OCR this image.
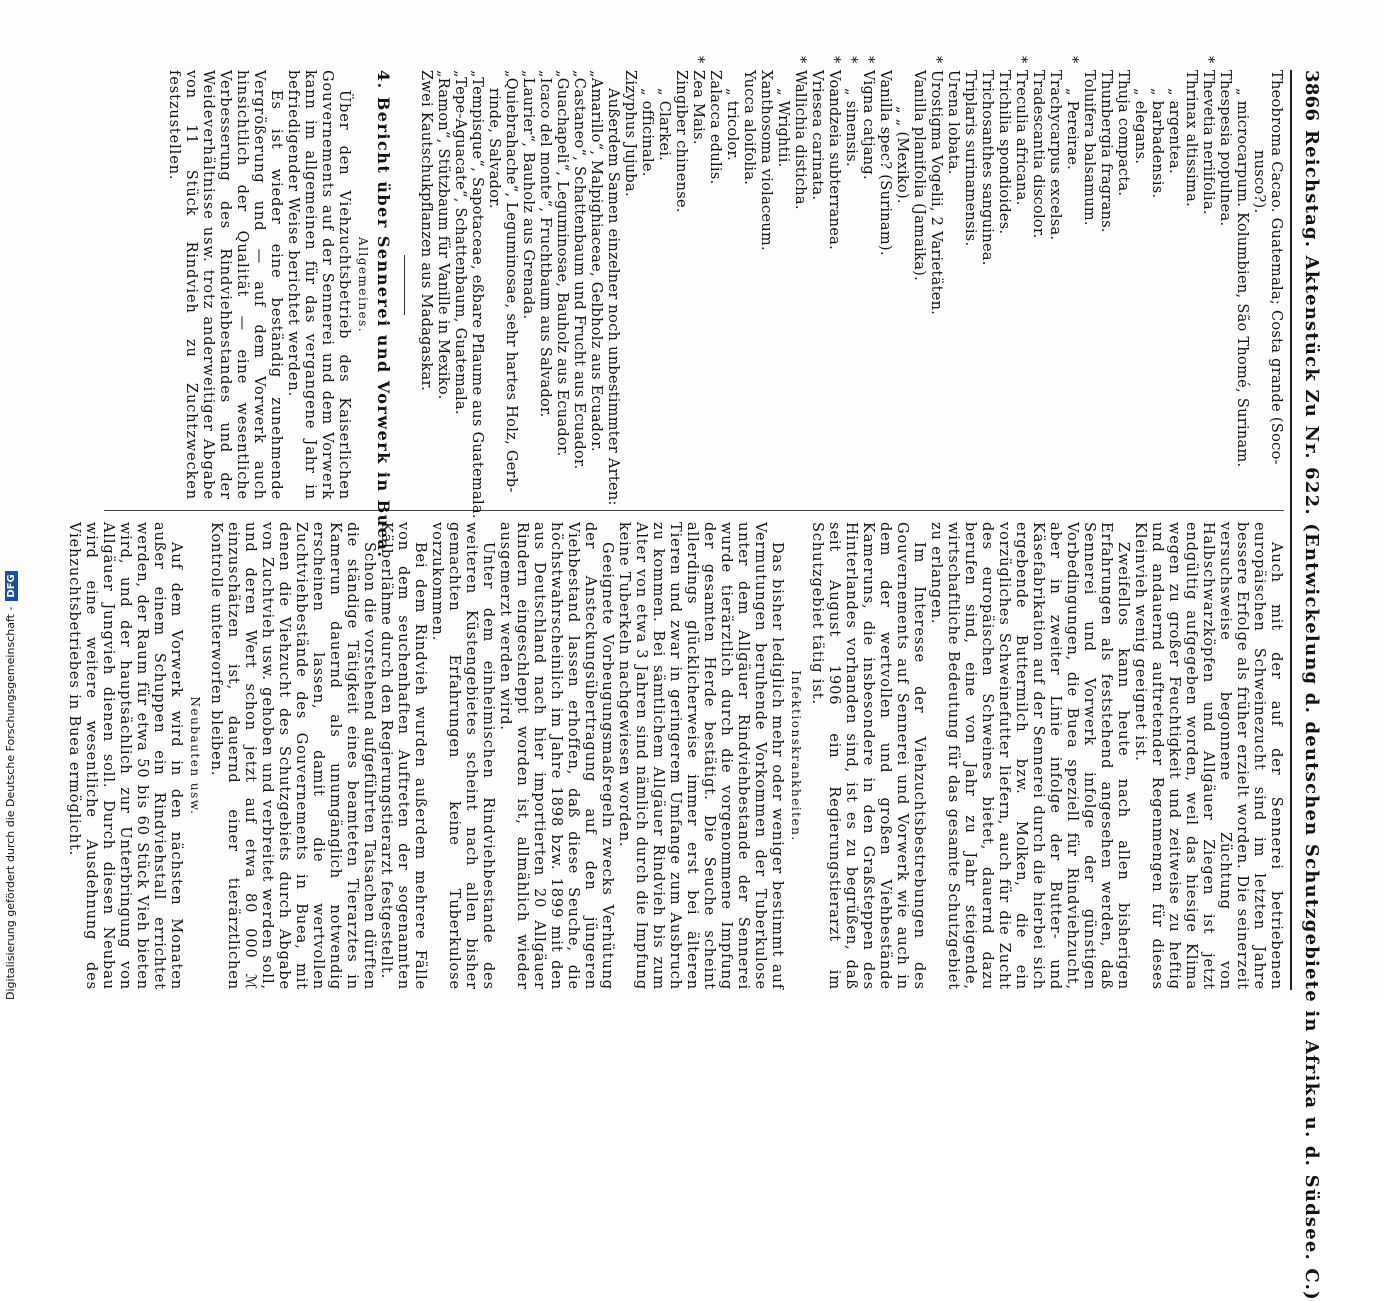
3866
Reichstag. Aktenstück Zu Nr. 622. (Entwickelung d. deutschen Schutzgebiete in Afrika u. d. Südsee. C.)
Theobroma Cacao. Guatemala; Costa grande (Soco-
nusco?).
„ microcarpum. Kolumbien, São Thomé, Surinam.
Thespesia populnea.
*
Thevetia neriifolia.
Thrinax altissima.
„ argentea.
„ barbadensis.
„ elegans.
Thuja compacta.
Thunbergia fragrans.
Toluifera balsamum.
*
„ Pereirae.
Trachycarpus excelsa.
Tradescantia discolor.
*
Treculia africana.
Trichilia spondioides.
Trichosanthes sanguinea.
Triplaris surinamensis.
Urena lobata.
*
Urostigma Vogelii, 2 Varietäten.
Vanilla planifolia (Jamaika).
„ „ (Mexiko).
Vanilla spec? (Surinam).
*
Vigna catjang.
*
„ sinensis.
*
Voandzeia subterranea.
Vriesea carinata.
*
Wallichia disticha.
„ Wrightii.
Xanthosoma violaceum.
Yucca aloifolia.
„ tricolor.
Zalacca edulis.
*
Zea Mais.
Zingiber chinense.
„ Clarkei.
„ officinale.
Zizyphus Jujuba.
Außerdem Samen einzelner noch unbestimmter Arten:
„Amarillo“, Malpighiaceae, Gelbholz aus Ecuador.
„Castaneo“, Schattenbaum und Frucht aus Ecuador.
„Guachapeli“, Leguminosae, Bauholz aus Ecuador.
„Icaco del monte“, Fruchtbaum aus Salvador.
„Laurier“, Bauholz aus Grenada.
„Quiebrahache“, Leguminosae, sehr hartes Holz, Gerb-
rinde, Salvador.
„Tempisque“, Sapotaceae, eßbare Pflaume aus Guatemala.
„Tepe-Aguacate“, Schattenbaum, Guatemala.
„Ramon“, Stützbaum für Vanille in Mexiko.
Zwei Kautschukpflanzen aus Madagaskar.
4. Bericht über Sennerei und Vorwerk in Buea.
Allgemeines.

Über den Viehzuchtsbetrieb des Kaiserlichen Gouvernements auf der Sennerei und dem Vorwerk kann im allgemeinen für das vergangene Jahr in befriedigender Weise berichtet werden.

Es ist wieder eine beständig zunehmende Vergrößerung und — auf dem Vorwerk auch hinsichtlich der Qualität — eine wesentliche Verbesserung des Rindviehbestandes und der Weideverhältnisse usw. trotz anderweitiger Abgabe von 11 Stück Rindvieh zu Zuchtzwecken festzustellen.

Auch mit der auf der Sennerei betriebenen europäischen Schweinezucht sind im letzten Jahre bessere Erfolge als früher erzielt worden. Die seinerzeit versuchsweise begonnene Züchtung von Halbschwarzköpfen und Allgäuer Ziegen ist jetzt endgültig aufgegeben worden, weil das hiesige Klima wegen zu großer Feuchtigkeit und zeitweise zu heftig und andauernd auftretender Regenmengen für dieses Kleinvieh wenig geeignet ist.

Zweifellos kann heute nach allen bisherigen Erfahrungen als feststehend angesehen werden, daß Sennerei und Vorwerk infolge der günstigen Vorbedingungen, die Buea speziell für Rindviehzucht, aber in zweiter Linie infolge der Butter- und Käsefabrikation auf der Sennerei durch die hierbei sich ergebende Buttermilch bzw. Molken, die ein vorzügliches Schweinefutter liefern, auch für die Zucht des europäischen Schweines bietet, dauernd dazu berufen sind, eine von Jahr zu Jahr steigende, wirtschaftliche Bedeutung für das gesamte Schutzgebiet zu erlangen.

Im Interesse der Viehzuchtsbestrebungen des Gouvernements auf Sennerei und Vorwerk wie auch in dem der wertvollen und großen Viehbestände Kameruns, die insbesondere in den Graßsteppen des Hinterlandes vorhanden sind, ist es zu begrüßen, daß seit August 1906 ein Regierungstierarzt im Schutzgebiet tätig ist.

Infektionskrankheiten.

Das bisher lediglich mehr oder weniger bestimmt auf Vermutungen beruhende Vorkommen der Tuberkulose unter dem Allgäuer Rindviehbestande der Sennerei wurde tierärztlich durch die vorgenommene Impfung der gesamten Herde bestätigt. Die Seuche scheint allerdings glücklicherweise immer erst bei älteren Tieren und zwar in geringerem Umfange zum Ausbruch zu kommen. Bei sämtlichem Allgäuer Rindvieh bis zum Alter von etwa 3 Jahren sind nämlich durch die Impfung keine Tuberkeln nachgewiesen worden.

Geeignete Vorbeugungsmaßregeln zwecks Verhütung der Ansteckungsübertragung auf den jüngeren Viehbestand lassen erhoffen, daß diese Seuche, die höchstwahrscheinlich im Jahre 1898 bzw. 1899 mit den aus Deutschland nach hier importierten 20 Allgäuer Rindern eingeschleppt worden ist, allmählich wieder ausgemerzt werden wird.

Unter dem einheimischen Rindviehbestande des weiteren Küstengebietes scheint nach allen bisher gemachten Erfahrungen keine Tuberkulose vorzukommen.

Bei dem Rindvieh wurden außerdem mehrere Fälle von dem seuchenhaften Auftreten der sogenannten Kälberlähme durch den Regierungstierarzt festgestellt.

Schon die vorstehend aufgeführten Tatsachen dürften die ständige Tätigkeit eines beamteten Tierarztes in Kamerun dauernd als unumgänglich notwendig erscheinen lassen, damit die wertvollen Zuchtviehbestände des Gouvernements in Buea, mit denen die Viehzucht des Schutzgebiets durch Abgabe von Zuchtvieh usw. gehoben und verbreitet werden soll, und deren Wert schon jetzt auf etwa 80 000 ℳ einzuschätzen ist, dauernd einer tierärztlichen Kontrolle unterworfen bleiben.

Neubauten usw.

Auf dem Vorwerk wird in den nächsten Monaten außer einem Schuppen ein Rindviehstall errichtet werden, der Raum für etwa 50 bis 60 Stück Vieh bieten wird, und der hauptsächlich zur Unterbringung von Allgäuer Jungvieh dienen soll. Durch diesen Neubau wird eine weitere wesentliche Ausdehnung des Viehzuchtsbetriebes in Buea ermöglicht.

Digitalisierung gefördert durch die Deutsche Forschungsgemeinschaft -DFG
